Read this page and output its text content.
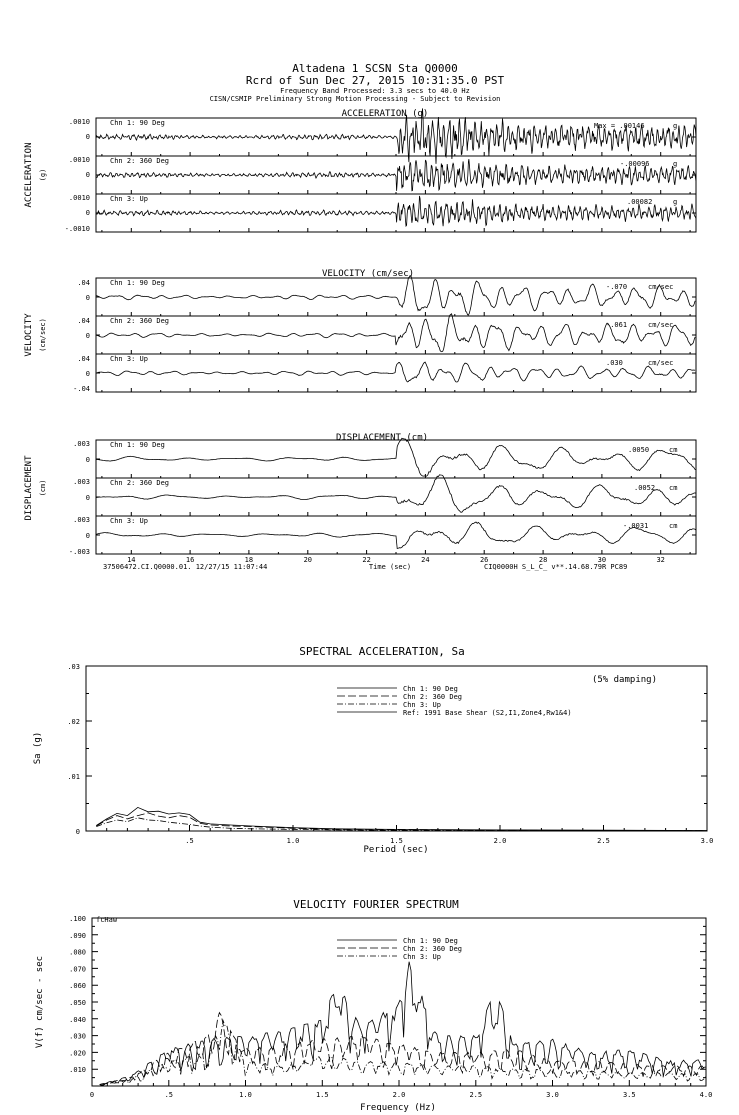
Altadena 1 SCSN Sta Q0000
Rcrd of Sun Dec 27, 2015 10:31:35.0 PST
Frequency Band Processed: 3.3 secs to 40.0 Hz
CISN/CSMIP Preliminary Strong Motion Processing - Subject to Revision
ACCELERATION (g)
ACCELERATION (g)
Chn 1: 90 Deg
Chn 2: 360 Deg
Chn 3: Up
Max = .00146
-.00096
.00082
g
g
g
.0010
0
.0010
0
.0010
0
-.0010
VELOCITY (cm/sec)
VELOCITY (cm/sec)
Chn 1: 90 Deg
Chn 2: 360 Deg
Chn 3: Up
-.070
-.061
.030
cm/sec
cm/sec
cm/sec
.04
0
.04
0
.04
0
-.04
DISPLACEMENT (cm)
DISPLACEMENT (cm)
Chn 1: 90 Deg
Chn 2: 360 Deg
Chn 3: Up
.0050
.0052
-.0031
cm
cm
cm
.003
0
.003
0
.003
0
-.003
14	16	18	20	22	24	26	28	30	32
Time (sec)
37506472.CI.Q0000.01. 12/27/15 11:07:44	CIQ0000H S_L_C_ v**.14.68.79R PC89
SPECTRAL ACCELERATION, Sa
(5% damping)
Sa (g)
Period (sec)
.5	1.0	1.5	2.0	2.5	3.0
0
.01
.02
.03
Chn 1: 90 Deg
Chn 2: 360 Deg
Chn 3: Up
Ref: 1991 Base Shear (S2,I1,Zone4,Rw1&4)
VELOCITY FOURIER SPECTRUM
fcHaw
V(f) cm/sec - sec
Frequency (Hz)
0	.5	1.0	1.5	2.0	2.5	3.0	3.5	4.0
.010
.020
.030
.040
.050
.060
.070
.080
.090
.100
Chn 1: 90 Deg
Chn 2: 360 Deg
Chn 3: Up
